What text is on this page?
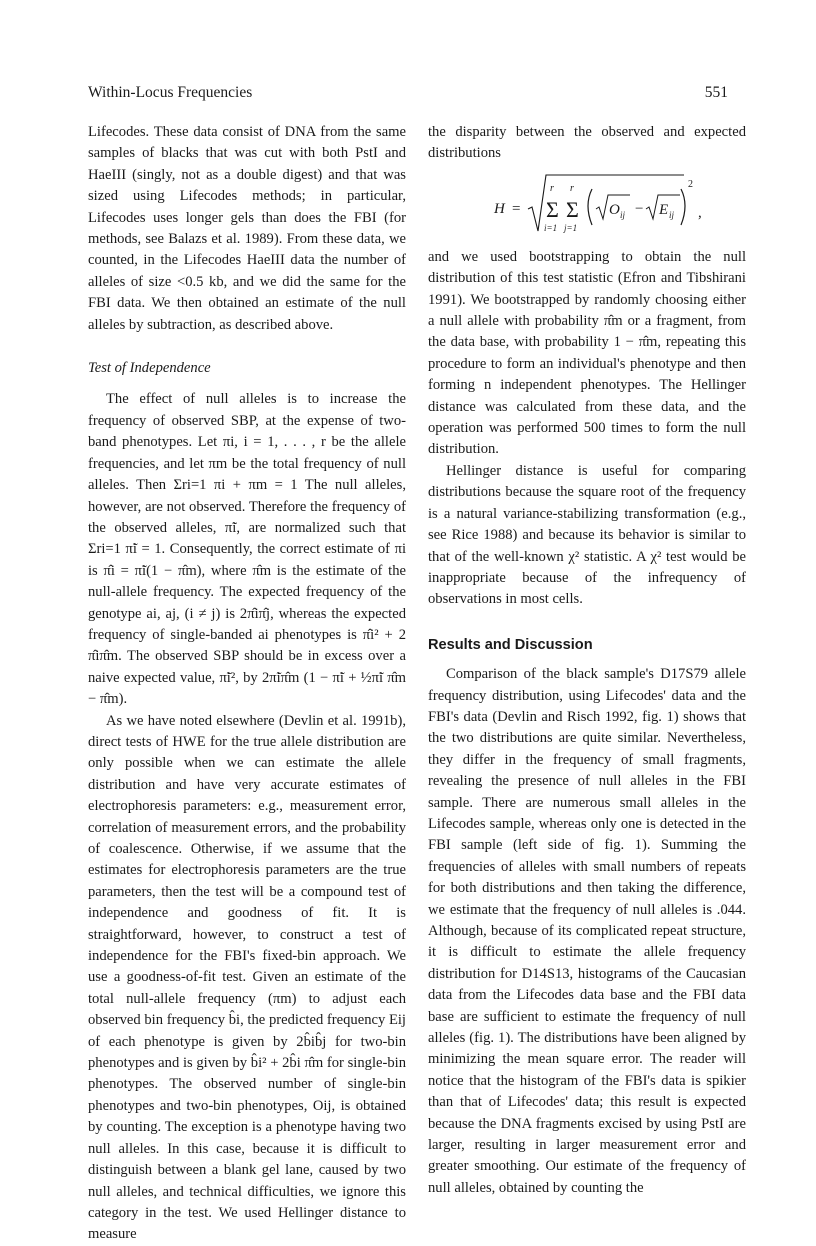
Within-Locus Frequencies	551

Lifecodes. These data consist of DNA from the same samples of blacks that was cut with both PstI and HaeIII (singly, not as a double digest) and that was sized using Lifecodes methods; in particular, Lifecodes uses longer gels than does the FBI (for methods, see Balazs et al. 1989). From these data, we counted, in the Lifecodes HaeIII data the number of alleles of size <0.5 kb, and we did the same for the FBI data. We then obtained an estimate of the null alleles by subtraction, as described above.

Test of Independence

The effect of null alleles is to increase the frequency of observed SBP, at the expense of two-band phenotypes. Let πi, i = 1, . . . , r be the allele frequencies, and let πm be the total frequency of null alleles. Then Σri=1 πi + πm = 1 The null alleles, however, are not observed. Therefore the frequency of the observed alleles, π̃i, are normalized such that Σri=1 π̃i = 1. Consequently, the correct estimate of πi is π̂i = π̃i(1 − π̂m), where π̂m is the estimate of the null-allele frequency. The expected frequency of the genotype ai, aj, (i ≠ j) is 2π̂iπ̂j, whereas the expected frequency of single-banded ai phenotypes is π̂i² + 2 π̂iπ̂m. The observed SBP should be in excess over a naive expected value, π̃i², by 2π̃iπ̂m (1 − π̃i + ½π̃i π̂m − π̂m).

As we have noted elsewhere (Devlin et al. 1991b), direct tests of HWE for the true allele distribution are only possible when we can estimate the allele distribution and have very accurate estimates of electrophoresis parameters: e.g., measurement error, correlation of measurement errors, and the probability of coalescence. Otherwise, if we assume that the estimates for electrophoresis parameters are the true parameters, then the test will be a compound test of independence and goodness of fit. It is straightforward, however, to construct a test of independence for the FBI's fixed-bin approach. We use a goodness-of-fit test. Given an estimate of the total null-allele frequency (πm) to adjust each observed bin frequency b̂i, the predicted frequency Eij of each phenotype is given by 2b̂ib̂j for two-bin phenotypes and is given by b̂i² + 2b̂i π̂m for single-bin phenotypes. The observed number of single-bin phenotypes and two-bin phenotypes, Oij, is obtained by counting. The exception is a phenotype having two null alleles. In this case, because it is difficult to distinguish between a blank gel lane, caused by two null alleles, and technical difficulties, we ignore this category in the test. We used Hellinger distance to measure

the disparity between the observed and expected distributions

H =
r
Σ
i=1
r
Σ
j=1
O ij − E ij
2
,

and we used bootstrapping to obtain the null distribution of this test statistic (Efron and Tibshirani 1991). We bootstrapped by randomly choosing either a null allele with probability π̂m or a fragment, from the data base, with probability 1 − π̂m, repeating this procedure to form an individual's phenotype and then forming n independent phenotypes. The Hellinger distance was calculated from these data, and the operation was performed 500 times to form the null distribution.

Hellinger distance is useful for comparing distributions because the square root of the frequency is a natural variance-stabilizing transformation (e.g., see Rice 1988) and because its behavior is similar to that of the well-known χ² statistic. A χ² test would be inappropriate because of the infrequency of observations in most cells.

Results and Discussion

Comparison of the black sample's D17S79 allele frequency distribution, using Lifecodes' data and the FBI's data (Devlin and Risch 1992, fig. 1) shows that the two distributions are quite similar. Nevertheless, they differ in the frequency of small fragments, revealing the presence of null alleles in the FBI sample. There are numerous small alleles in the Lifecodes sample, whereas only one is detected in the FBI sample (left side of fig. 1). Summing the frequencies of alleles with small numbers of repeats for both distributions and then taking the difference, we estimate that the frequency of null alleles is .044. Although, because of its complicated repeat structure, it is difficult to estimate the allele frequency distribution for D14S13, histograms of the Caucasian data from the Lifecodes data base and the FBI data base are sufficient to estimate the frequency of null alleles (fig. 1). The distributions have been aligned by minimizing the mean square error. The reader will notice that the histogram of the FBI's data is spikier than that of Lifecodes' data; this result is expected because the DNA fragments excised by using PstI are larger, resulting in larger measurement error and greater smoothing. Our estimate of the frequency of null alleles, obtained by counting the
